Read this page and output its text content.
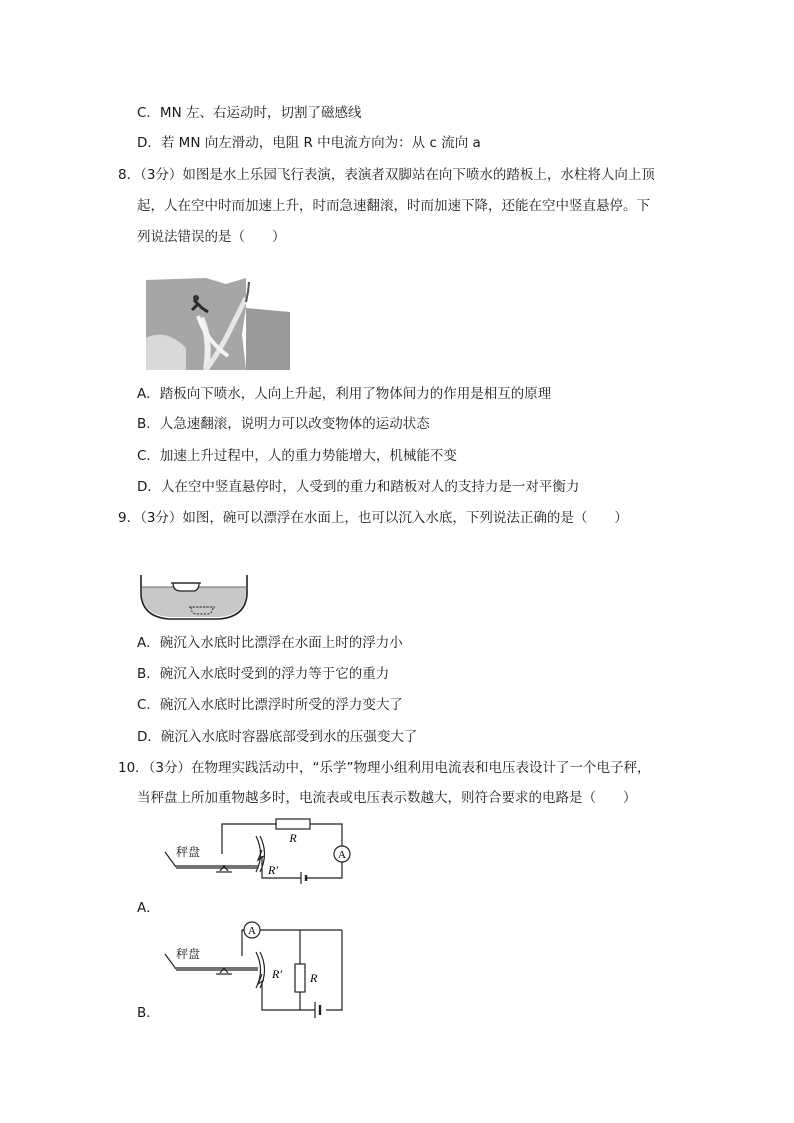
C．MN 左、右运动时，切割了磁感线
D．若 MN 向左滑动，电阻 R 中电流方向为：从 c 流向 a
8．（3分）如图是水上乐园飞行表演，表演者双脚站在向下喷水的踏板上，水柱将人向上顶
起，人在空中时而加速上升，时而急速翻滚，时而加速下降，还能在空中竖直悬停。下
列说法错误的是（　　）
A．踏板向下喷水，人向上升起，利用了物体间力的作用是相互的原理
B．人急速翻滚，说明力可以改变物体的运动状态
C．加速上升过程中，人的重力势能增大，机械能不变
D．人在空中竖直悬停时，人受到的重力和踏板对人的支持力是一对平衡力
9．（3分）如图，碗可以漂浮在水面上，也可以沉入水底，下列说法正确的是（　　）
A．碗沉入水底时比漂浮在水面上时的浮力小
B．碗沉入水底时受到的浮力等于它的重力
C．碗沉入水底时比漂浮时所受的浮力变大了
D．碗沉入水底时容器底部受到水的压强变大了
10．（3分）在物理实践活动中，“乐学”物理小组利用电流表和电压表设计了一个电子秤，
当秤盘上所加重物越多时，电流表或电压表示数越大，则符合要求的电路是（　　）
A
R
R′
秤盘
A．
A
R
R′
秤盘
B．
